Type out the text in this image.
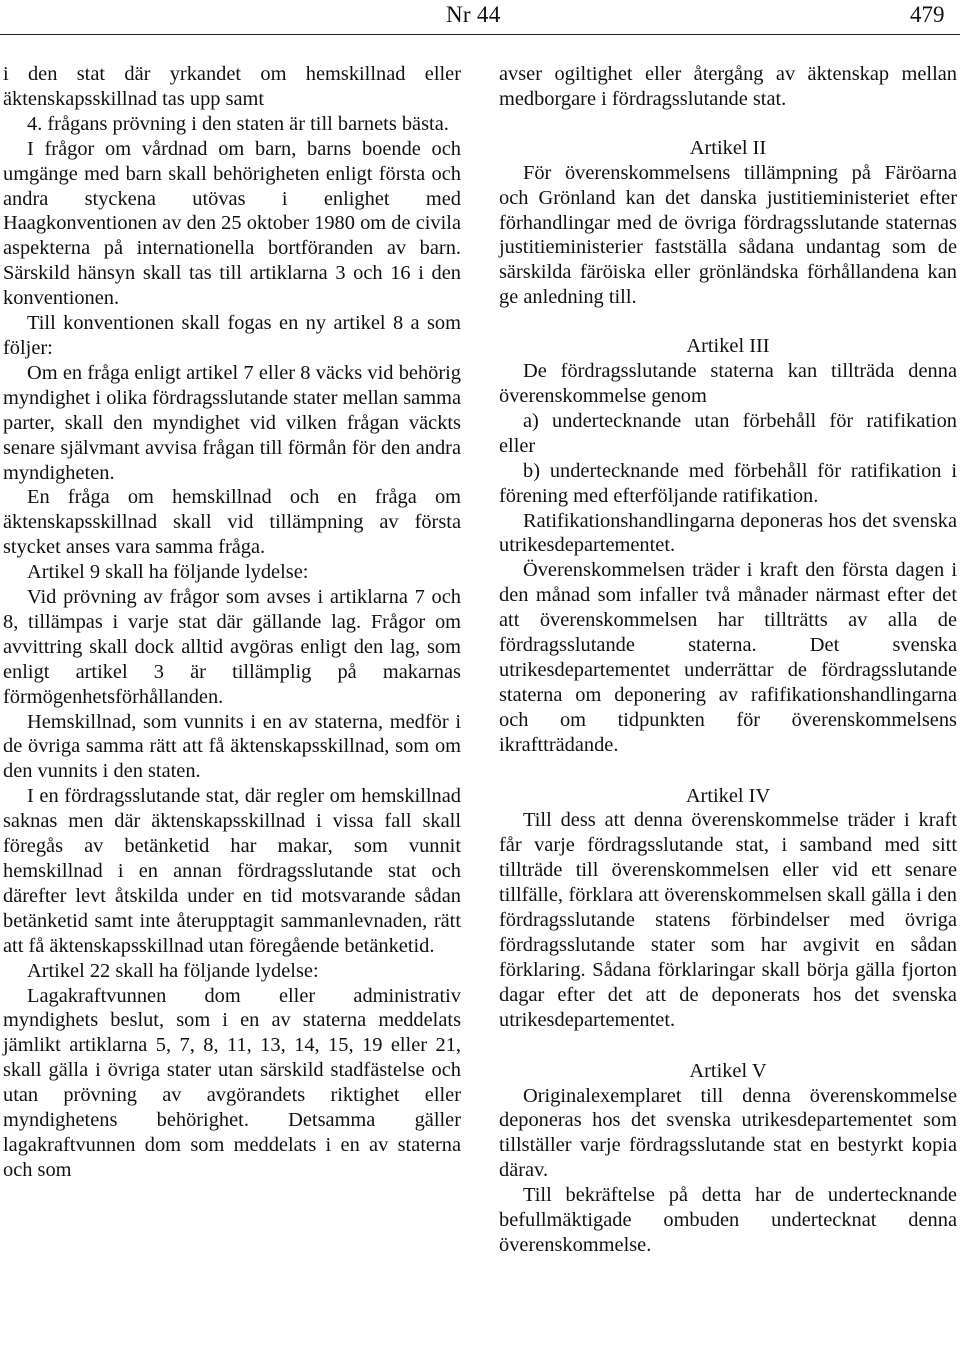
Nr 44	479

i den stat där yrkandet om hemskillnad eller äktenskapsskillnad tas upp samt

4. frågans prövning i den staten är till barnets bästa.

I frågor om vårdnad om barn, barns boende och umgänge med barn skall behörigheten enligt första och andra styckena utövas i enlighet med Haagkonventionen av den 25 oktober 1980 om de civila aspekterna på internationella bortföranden av barn. Särskild hänsyn skall tas till artiklarna 3 och 16 i den konventionen.

Till konventionen skall fogas en ny artikel 8 a som följer:

Om en fråga enligt artikel 7 eller 8 väcks vid behörig myndighet i olika fördragsslutande stater mellan samma parter, skall den myndighet vid vilken frågan väckts senare självmant avvisa frågan till förmån för den andra myndigheten.

En fråga om hemskillnad och en fråga om äktenskapsskillnad skall vid tillämpning av första stycket anses vara samma fråga.

Artikel 9 skall ha följande lydelse:

Vid prövning av frågor som avses i artiklarna 7 och 8, tillämpas i varje stat där gällande lag. Frågor om avvittring skall dock alltid avgöras enligt den lag, som enligt artikel 3 är tillämplig på makarnas förmögenhetsförhållanden.

Hemskillnad, som vunnits i en av staterna, medför i de övriga samma rätt att få äktenskapsskillnad, som om den vunnits i den staten.

I en fördragsslutande stat, där regler om hemskillnad saknas men där äktenskapsskillnad i vissa fall skall föregås av betänketid har makar, som vunnit hemskillnad i en annan fördragsslutande stat och därefter levt åtskilda under en tid motsvarande sådan betänketid samt inte återupptagit sammanlevnaden, rätt att få äktenskapsskillnad utan föregående betänketid.

Artikel 22 skall ha följande lydelse:

Lagakraftvunnen dom eller administrativ myndighets beslut, som i en av staterna meddelats jämlikt artiklarna 5, 7, 8, 11, 13, 14, 15, 19 eller 21, skall gälla i övriga stater utan särskild stadfästelse och utan prövning av avgörandets riktighet eller myndighetens behörighet. Detsamma gäller lagakraftvunnen dom som meddelats i en av staterna och som

avser ogiltighet eller återgång av äktenskap mellan medborgare i fördragsslutande stat.

Artikel II

För överenskommelsens tillämpning på Färöarna och Grönland kan det danska justitieministeriet efter förhandlingar med de övriga fördragsslutande staternas justitieministerier fastställa sådana undantag som de särskilda färöiska eller grönländska förhållandena kan ge anledning till.

Artikel III

De fördragsslutande staterna kan tillträda denna överenskommelse genom

a) undertecknande utan förbehåll för ratifikation eller

b) undertecknande med förbehåll för ratifikation i förening med efterföljande ratifikation.

Ratifikationshandlingarna deponeras hos det svenska utrikesdepartementet.

Överenskommelsen träder i kraft den första dagen i den månad som infaller två månader närmast efter det att överenskommelsen har tillträtts av alla de fördragsslutande staterna. Det svenska utrikesdepartementet underrättar de fördragsslutande staterna om deponering av rafifikationshandlingarna och om tidpunkten för överenskommelsens ikraftträdande.

Artikel IV

Till dess att denna överenskommelse träder i kraft får varje fördragsslutande stat, i samband med sitt tillträde till överenskommelsen eller vid ett senare tillfälle, förklara att överenskommelsen skall gälla i den fördragsslutande statens förbindelser med övriga fördragsslutande stater som har avgivit en sådan förklaring. Sådana förklaringar skall börja gälla fjorton dagar efter det att de deponerats hos det svenska utrikesdepartementet.

Artikel V

Originalexemplaret till denna överenskommelse deponeras hos det svenska utrikesdepartementet som tillställer varje fördragsslutande stat en bestyrkt kopia därav.

Till bekräftelse på detta har de undertecknande befullmäktigade ombuden undertecknat denna överenskommelse.
